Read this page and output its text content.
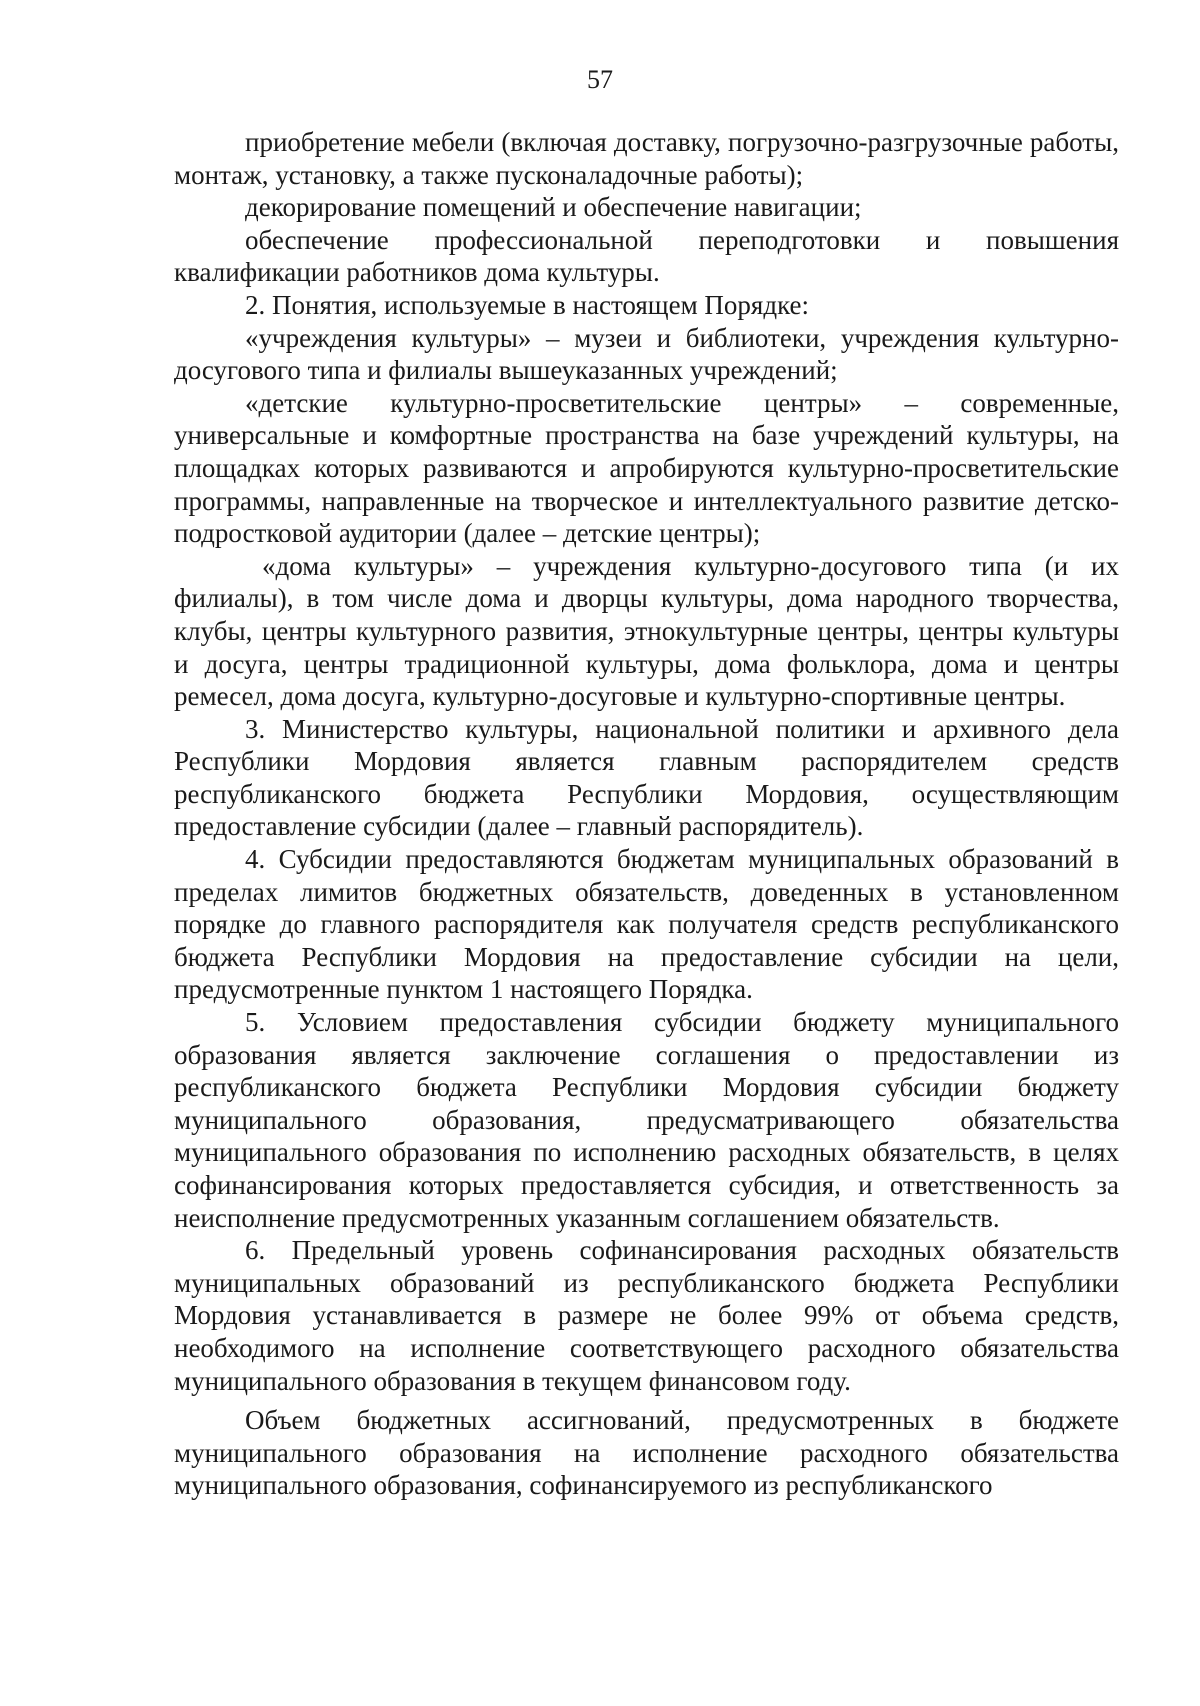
57

приобретение мебели (включая доставку, погрузочно-разгрузочные работы, монтаж, установку, а также пусконаладочные работы);

декорирование помещений и обеспечение навигации;

обеспечение профессиональной переподготовки и повышения квалификации работников дома культуры.

2. Понятия, используемые в настоящем Порядке:

«учреждения культуры» – музеи и библиотеки, учреждения культурно-досугового типа и филиалы вышеуказанных учреждений;

«детские культурно-просветительские центры» – современные, универсальные и комфортные пространства на базе учреждений культуры, на площадках которых развиваются и апробируются культурно-просветительские программы, направленные на творческое и интеллектуального развитие детско-подростковой аудитории (далее – детские центры);

«дома культуры» – учреждения культурно-досугового типа (и их филиалы), в том числе дома и дворцы культуры, дома народного творчества, клубы, центры культурного развития, этнокультурные центры, центры культуры и досуга, центры традиционной культуры, дома фольклора, дома и центры ремесел, дома досуга, культурно-досуговые и культурно-спортивные центры.

3. Министерство культуры, национальной политики и архивного дела Республики Мордовия является главным распорядителем средств республиканского бюджета Республики Мордовия, осуществляющим предоставление субсидии (далее – главный распорядитель).

4. Субсидии предоставляются бюджетам муниципальных образований в пределах лимитов бюджетных обязательств, доведенных в установленном порядке до главного распорядителя как получателя средств республиканского бюджета Республики Мордовия на предоставление субсидии на цели, предусмотренные пунктом 1 настоящего Порядка.

5. Условием предоставления субсидии бюджету муниципального образования является заключение соглашения о предоставлении из республиканского бюджета Республики Мордовия субсидии бюджету муниципального образования, предусматривающего обязательства муниципального образования по исполнению расходных обязательств, в целях софинансирования которых предоставляется субсидия, и ответственность за неисполнение предусмотренных указанным соглашением обязательств.

6. Предельный уровень софинансирования расходных обязательств муниципальных образований из республиканского бюджета Республики Мордовия устанавливается в размере не более 99% от объема средств, необходимого на исполнение соответствующего расходного обязательства муниципального образования в текущем финансовом году.

Объем бюджетных ассигнований, предусмотренных в бюджете муниципального образования на исполнение расходного обязательства муниципального образования, софинансируемого из республиканского
